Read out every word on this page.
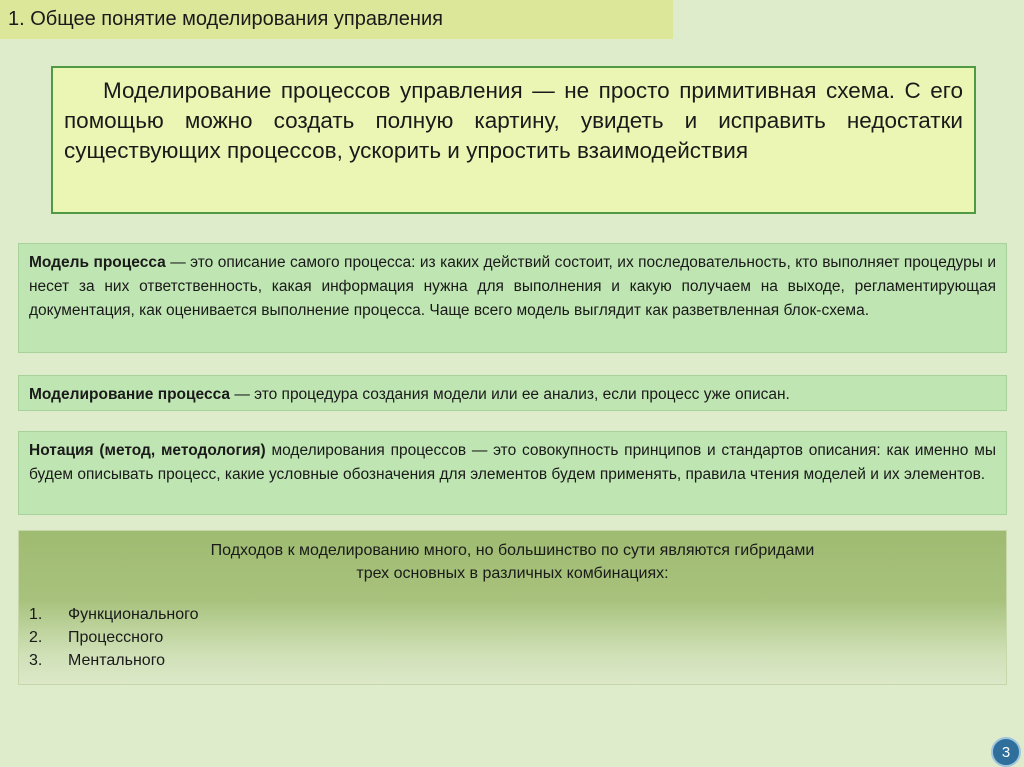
1. Общее понятие моделирования управления
Моделирование процессов управления — не просто примитивная схема. С его помощью можно создать полную картину, увидеть и исправить недостатки существующих процессов, ускорить и упростить взаимодействия
Модель процесса — это описание самого процесса: из каких действий состоит, их последовательность, кто выполняет процедуры и несет за них ответственность, какая информация нужна для выполнения и какую получаем на выходе, регламентирующая документация, как оценивается выполнение процесса. Чаще всего модель выглядит как разветвленная блок-схема.
Моделирование процесса — это процедура создания модели или ее анализ, если процесс уже описан.
Нотация (метод, методология) моделирования процессов — это совокупность принципов и стандартов описания: как именно мы будем описывать процесс, какие условные обозначения для элементов будем применять, правила чтения моделей и их элементов.
Подходов к моделированию много, но большинство по сути являются гибридами
трех основных в различных комбинациях:
1.	Функционального
2.	Процессного
3.	Ментального
3
